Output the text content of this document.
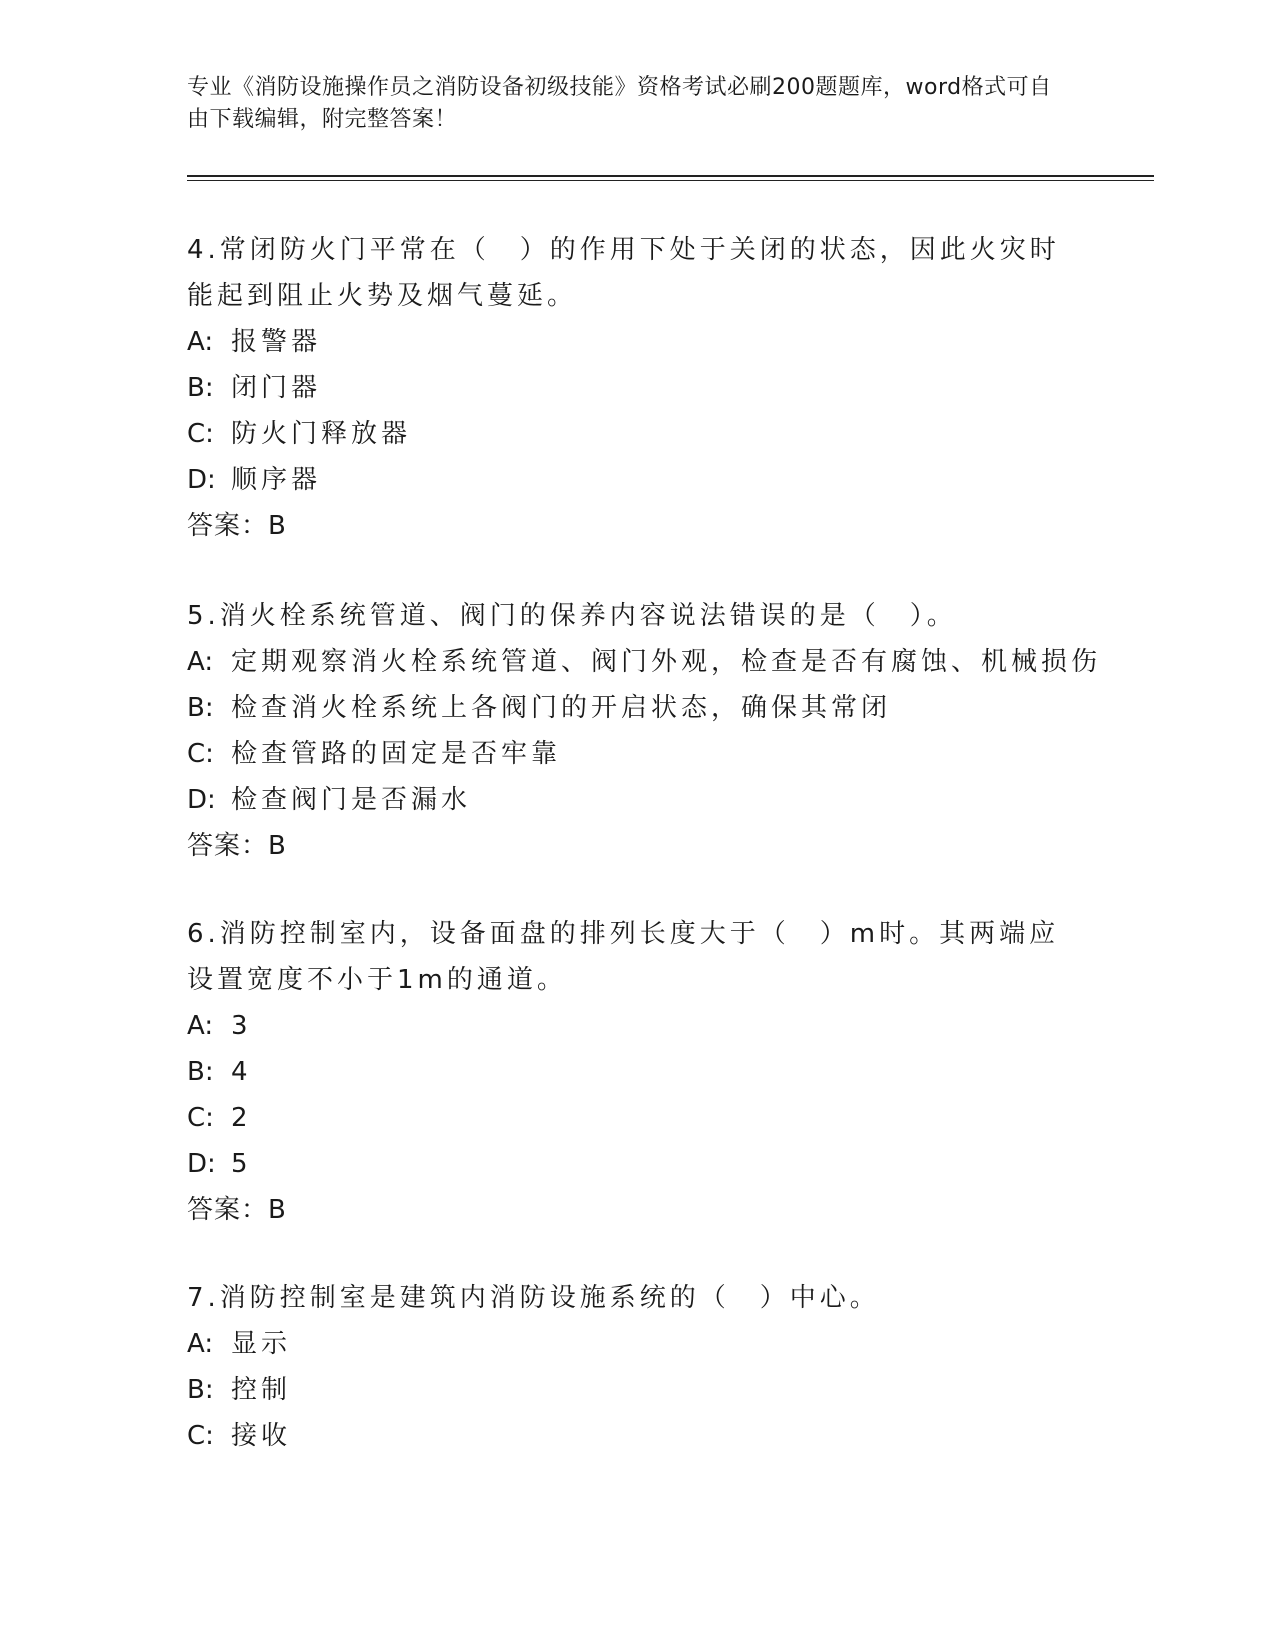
专业《消防设施操作员之消防设备初级技能》资格考试必刷200题题库，word格式可自由下载编辑，附完整答案！
4.常闭防火门平常在（　）的作用下处于关闭的状态，因此火灾时能起到阻止火势及烟气蔓延。
A: 报警器
B: 闭门器
C: 防火门释放器
D: 顺序器
答案：B
5.消火栓系统管道、阀门的保养内容说法错误的是（　）。
A: 定期观察消火栓系统管道、阀门外观，检查是否有腐蚀、机械损伤
B: 检查消火栓系统上各阀门的开启状态，确保其常闭
C: 检查管路的固定是否牢靠
D: 检查阀门是否漏水
答案：B
6.消防控制室内，设备面盘的排列长度大于（　）m时。其两端应设置宽度不小于1m的通道。
A: 3
B: 4
C: 2
D: 5
答案：B
7.消防控制室是建筑内消防设施系统的（　）中心。
A: 显示
B: 控制
C: 接收
